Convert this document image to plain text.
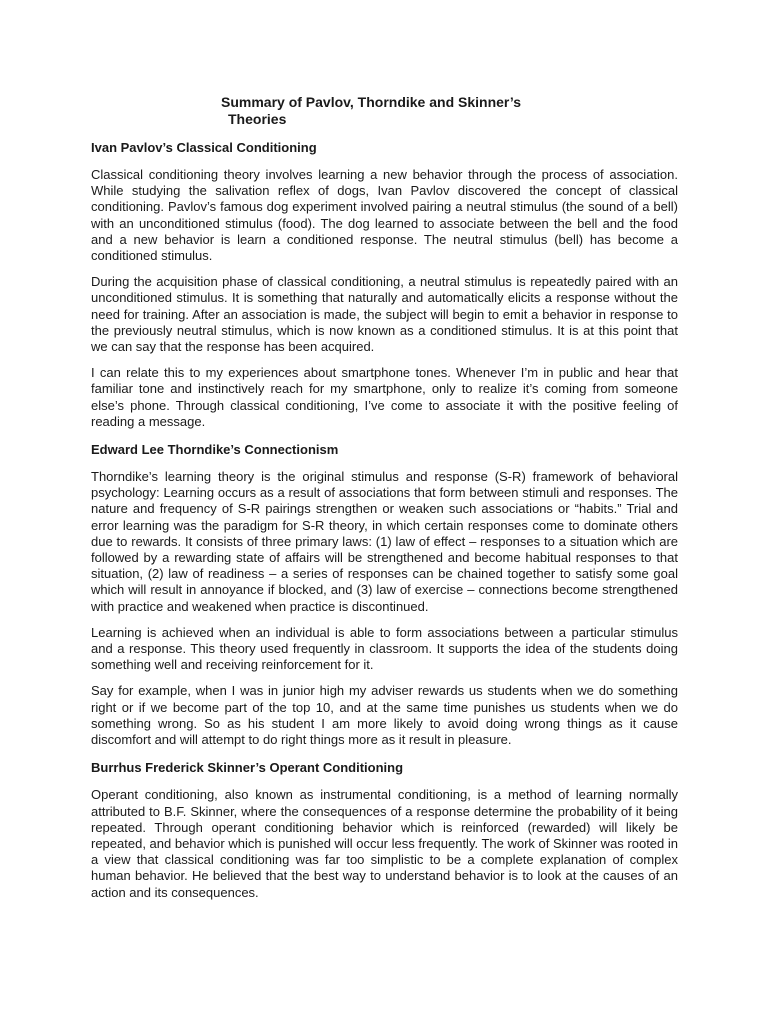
Summary of Pavlov, Thorndike and Skinner’s
Theories
Ivan Pavlov’s Classical Conditioning

Classical conditioning theory involves learning a new behavior through the process of association. While studying the salivation reflex of dogs, Ivan Pavlov discovered the concept of classical conditioning. Pavlov’s famous dog experiment involved pairing a neutral stimulus (the sound of a bell) with an unconditioned stimulus (food). The dog learned to associate between the bell and the food and a new behavior is learn a conditioned response. The neutral stimulus (bell) has become a conditioned stimulus.

During the acquisition phase of classical conditioning, a neutral stimulus is repeatedly paired with an unconditioned stimulus. It is something that naturally and automatically elicits a response without the need for training. After an association is made, the subject will begin to emit a behavior in response to the previously neutral stimulus, which is now known as a conditioned stimulus. It is at this point that we can say that the response has been acquired.

I can relate this to my experiences about smartphone tones. Whenever I’m in public and hear that familiar tone and instinctively reach for my smartphone, only to realize it’s coming from someone else’s phone. Through classical conditioning, I’ve come to associate it with the positive feeling of reading a message.

Edward Lee Thorndike’s Connectionism

Thorndike’s learning theory is the original stimulus and response (S-R) framework of behavioral psychology: Learning occurs as a result of associations that form between stimuli and responses. The nature and frequency of S-R pairings strengthen or weaken such associations or “habits.” Trial and error learning was the paradigm for S-R theory, in which certain responses come to dominate others due to rewards. It consists of three primary laws: (1) law of effect – responses to a situation which are followed by a rewarding state of affairs will be strengthened and become habitual responses to that situation, (2) law of readiness – a series of responses can be chained together to satisfy some goal which will result in annoyance if blocked, and (3) law of exercise – connections become strengthened with practice and weakened when practice is discontinued.

Learning is achieved when an individual is able to form associations between a particular stimulus and a response. This theory used frequently in classroom. It supports the idea of the students doing something well and receiving reinforcement for it.

Say for example, when I was in junior high my adviser rewards us students when we do something right or if we become part of the top 10, and at the same time punishes us students when we do something wrong. So as his student I am more likely to avoid doing wrong things as it cause discomfort and will attempt to do right things more as it result in pleasure.

Burrhus Frederick Skinner’s Operant Conditioning

Operant conditioning, also known as instrumental conditioning, is a method of learning normally attributed to B.F. Skinner, where the consequences of a response determine the probability of it being repeated. Through operant conditioning behavior which is reinforced (rewarded) will likely be repeated, and behavior which is punished will occur less frequently. The work of Skinner was rooted in a view that classical conditioning was far too simplistic to be a complete explanation of complex human behavior. He believed that the best way to understand behavior is to look at the causes of an action and its consequences.
